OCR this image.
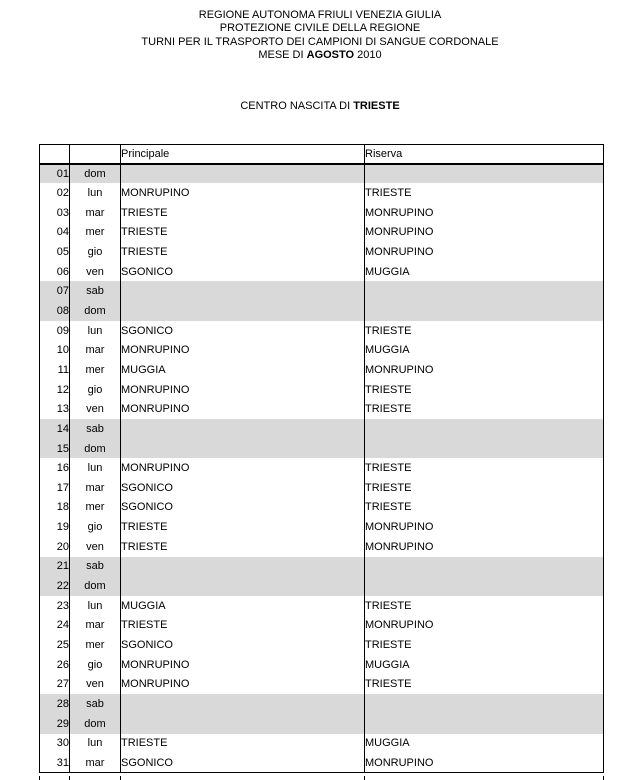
REGIONE AUTONOMA FRIULI VENEZIA GIULIA
PROTEZIONE CIVILE DELLA REGIONE
TURNI PER IL TRASPORTO DEI CAMPIONI DI SANGUE CORDONALE
MESE DI AGOSTO 2010
CENTRO NASCITA DI TRIESTE
		Principale	Riserva
01	dom		
02	lun	MONRUPINO	TRIESTE
03	mar	TRIESTE	MONRUPINO
04	mer	TRIESTE	MONRUPINO
05	gio	TRIESTE	MONRUPINO
06	ven	SGONICO	MUGGIA
07	sab		
08	dom		
09	lun	SGONICO	TRIESTE
10	mar	MONRUPINO	MUGGIA
11	mer	MUGGIA	MONRUPINO
12	gio	MONRUPINO	TRIESTE
13	ven	MONRUPINO	TRIESTE
14	sab		
15	dom		
16	lun	MONRUPINO	TRIESTE
17	mar	SGONICO	TRIESTE
18	mer	SGONICO	TRIESTE
19	gio	TRIESTE	MONRUPINO
20	ven	TRIESTE	MONRUPINO
21	sab		
22	dom		
23	lun	MUGGIA	TRIESTE
24	mar	TRIESTE	MONRUPINO
25	mer	SGONICO	TRIESTE
26	gio	MONRUPINO	MUGGIA
27	ven	MONRUPINO	TRIESTE
28	sab		
29	dom		
30	lun	TRIESTE	MUGGIA
31	mar	SGONICO	MONRUPINO
